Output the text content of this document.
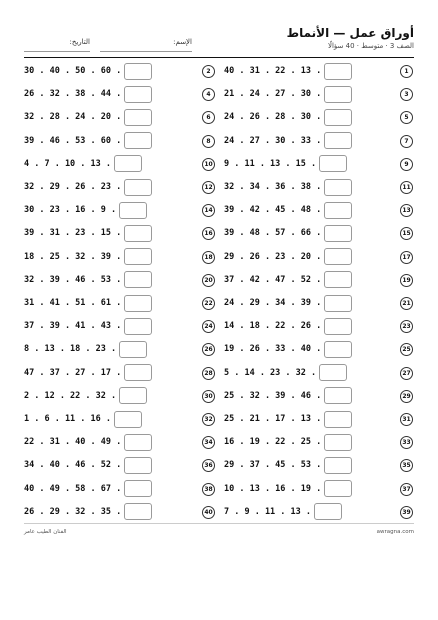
أوراق عمل — الأنماط
الصف 3 · متوسط · 40 سؤالًا
الإسم:
التاريخ:
40 . 31 . 22 . 13 .	1
30 . 40 . 50 . 60 .	2
21 . 24 . 27 . 30 .	3
26 . 32 . 38 . 44 .	4
24 . 26 . 28 . 30 .	5
32 . 28 . 24 . 20 .	6
24 . 27 . 30 . 33 .	7
39 . 46 . 53 . 60 .	8
9 . 11 . 13 . 15 .	9
4 . 7 . 10 . 13 .	10
32 . 34 . 36 . 38 .	11
32 . 29 . 26 . 23 .	12
39 . 42 . 45 . 48 .	13
30 . 23 . 16 . 9 .	14
39 . 48 . 57 . 66 .	15
39 . 31 . 23 . 15 .	16
29 . 26 . 23 . 20 .	17
18 . 25 . 32 . 39 .	18
37 . 42 . 47 . 52 .	19
32 . 39 . 46 . 53 .	20
24 . 29 . 34 . 39 .	21
31 . 41 . 51 . 61 .	22
14 . 18 . 22 . 26 .	23
37 . 39 . 41 . 43 .	24
19 . 26 . 33 . 40 .	25
8 . 13 . 18 . 23 .	26
5 . 14 . 23 . 32 .	27
47 . 37 . 27 . 17 .	28
25 . 32 . 39 . 46 .	29
2 . 12 . 22 . 32 .	30
25 . 21 . 17 . 13 .	31
1 . 6 . 11 . 16 .	32
16 . 19 . 22 . 25 .	33
22 . 31 . 40 . 49 .	34
29 . 37 . 45 . 53 .	35
34 . 40 . 46 . 52 .	36
10 . 13 . 16 . 19 .	37
40 . 49 . 58 . 67 .	38
7 . 9 . 11 . 13 .	39
26 . 29 . 32 . 35 .	40
الفنان الطيب عامر	awragna.com
